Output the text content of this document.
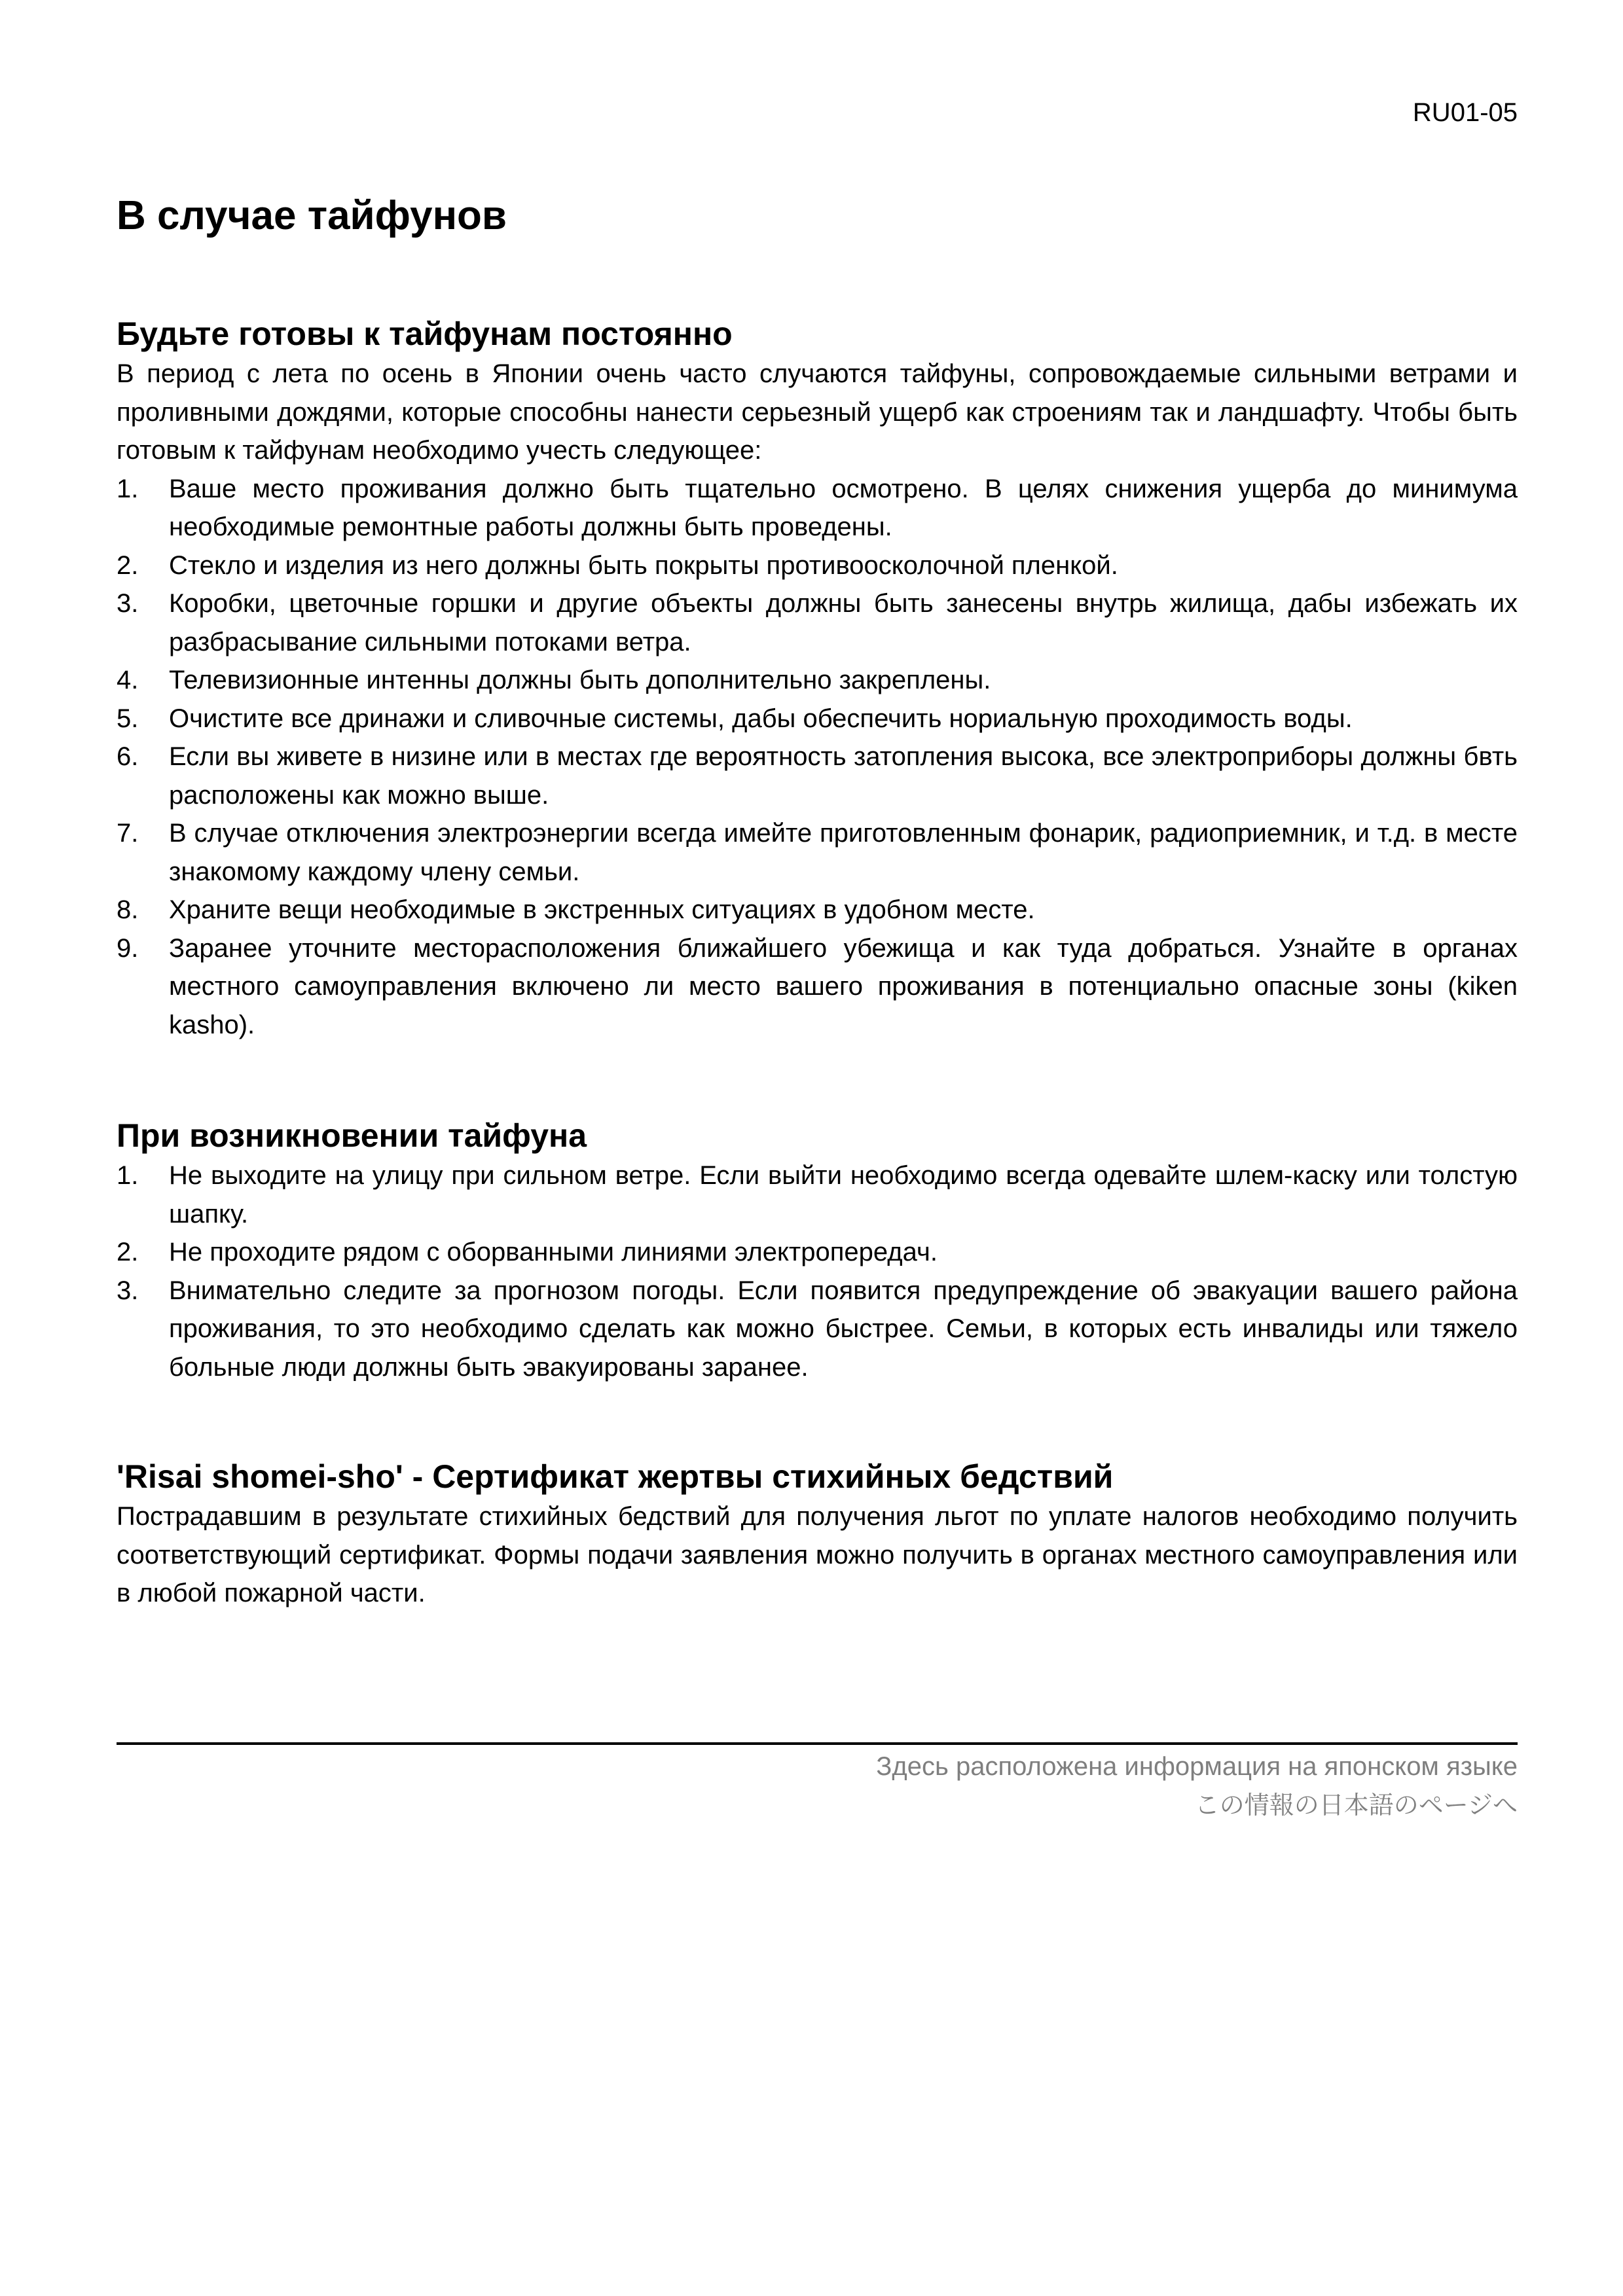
RU01-05
В случае тайфунов
Будьте готовы к тайфунам постоянно

В период с лета по осень в Японии очень часто случаются тайфуны, сопровождаемые сильными ветрами и проливными дождями, которые способны нанести серьезный ущерб как строениям так и ландшафту. Чтобы быть готовым к тайфунам необходимо учесть следующее:

1. Ваше место проживания должно быть тщательно осмотрено. В целях снижения ущерба до минимума необходимые ремонтные работы должны быть проведены.
2. Стекло и изделия из него должны быть покрыты противоосколочной пленкой.
3. Коробки, цветочные горшки и другие объекты должны быть занесены внутрь жилища, дабы избежать их разбрасывание сильными потоками ветра.
4. Телевизионные интенны должны быть дополнительно закреплены.
5. Очистите все дринажи и сливочные системы, дабы обеспечить нориальную проходимость воды.
6. Если вы живете в низине или в местах где вероятность затопления высока, все электроприборы должны бвть расположены как можно выше.
7. В случае отключения электроэнергии всегда имейте приготовленным фонарик, радиоприемник, и т.д. в месте знакомому каждому члену семьи.
8. Храните вещи необходимые в экстренных ситуациях в удобном месте.
9. Заранее уточните месторасположения ближайшего убежища и как туда добраться. Узнайте в органах местного самоуправления включено ли место вашего проживания в потенциально опасные зоны (kiken kasho).
При возникновении тайфуна
1. Не выходите на улицу при сильном ветре. Если выйти необходимо всегда одевайте шлем-каску или толстую шапку.
2. Не проходите рядом с оборванными линиями электропередач.
3. Внимательно следите за прогнозом погоды. Если появится предупреждение об эвакуации вашего района проживания, то это необходимо сделать как можно быстрее. Семьи, в которых есть инвалиды или тяжело больные люди должны быть эвакуированы заранее.
'Risai shomei-sho' - Сертификат жертвы стихийных бедствий

Пострадавшим в результате стихийных бедствий для получения льгот по уплате налогов необходимо получить соответствующий сертификат. Формы подачи заявления можно получить в органах местного самоуправления или в любой пожарной части.

Здесь расположена информация на японском языке
この情報の日本語のページへ
